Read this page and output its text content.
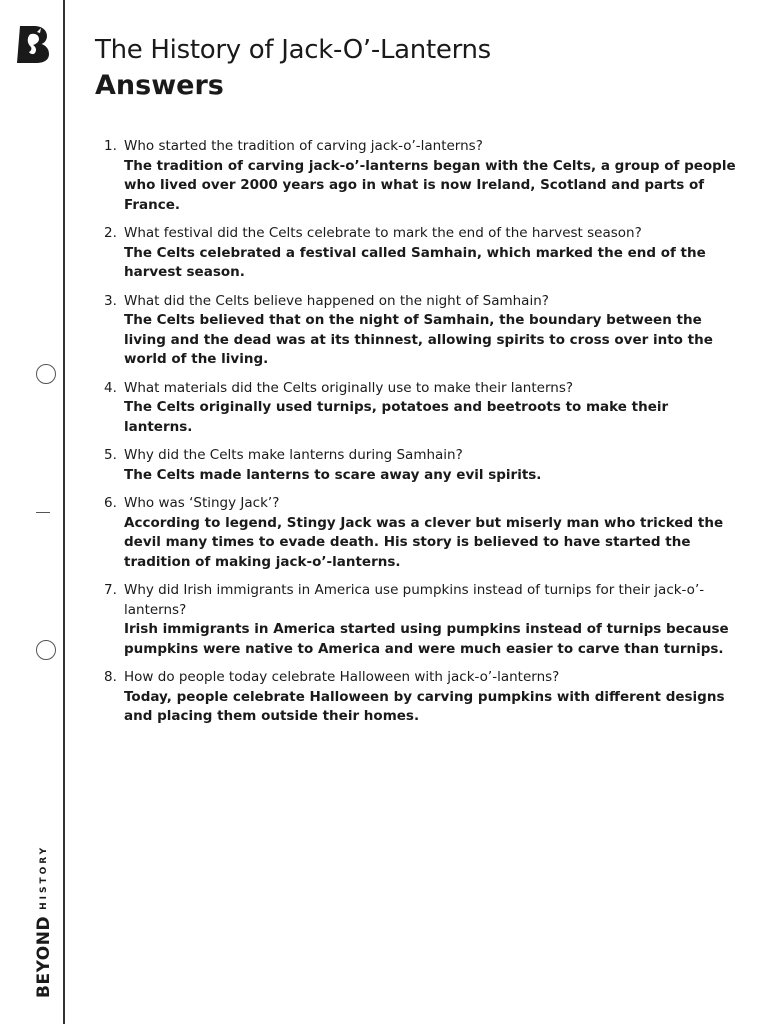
BEYOND
HISTORY
The History of Jack-O’-Lanterns
Answers
1. Who started the tradition of carving jack-o’-lanterns?
The tradition of carving jack-o’-lanterns began with the Celts, a group of people who lived over 2000 years ago in what is now Ireland, Scotland and parts of France.
2. What festival did the Celts celebrate to mark the end of the harvest season?
The Celts celebrated a festival called Samhain, which marked the end of the harvest season.
3. What did the Celts believe happened on the night of Samhain?
The Celts believed that on the night of Samhain, the boundary between the living and the dead was at its thinnest, allowing spirits to cross over into the world of the living.
4. What materials did the Celts originally use to make their lanterns?
The Celts originally used turnips, potatoes and beetroots to make their lanterns.
5. Why did the Celts make lanterns during Samhain?
The Celts made lanterns to scare away any evil spirits.
6. Who was ‘Stingy Jack’?
According to legend, Stingy Jack was a clever but miserly man who tricked the devil many times to evade death. His story is believed to have started the tradition of making jack-o’-lanterns.
7. Why did Irish immigrants in America use pumpkins instead of turnips for their jack-o’-lanterns?
Irish immigrants in America started using pumpkins instead of turnips because pumpkins were native to America and were much easier to carve than turnips.
8. How do people today celebrate Halloween with jack-o’-lanterns?
Today, people celebrate Halloween by carving pumpkins with different designs and placing them outside their homes.
